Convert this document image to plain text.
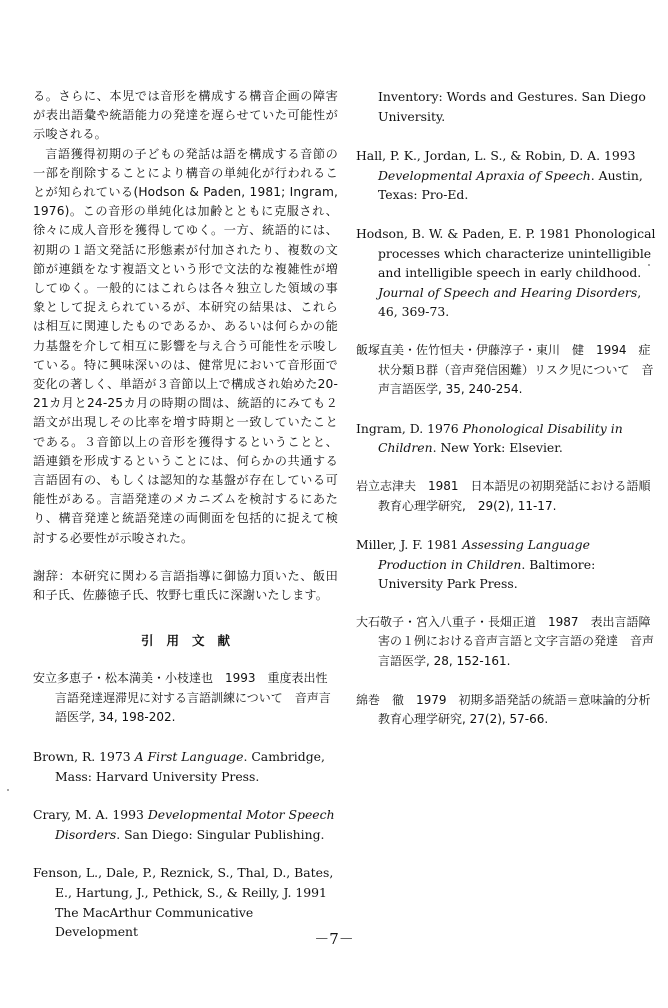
る。さらに、本児では音形を構成する構音企画の障害が表出語彙や統語能力の発達を遅らせていた可能性が示唆される。

言語獲得初期の子どもの発話は語を構成する音節の一部を削除することにより構音の単純化が行われることが知られている(Hodson & Paden, 1981; Ingram, 1976)。この音形の単純化は加齢とともに克服され、徐々に成人音形を獲得してゆく。一方、統語的には、初期の１語文発話に形態素が付加されたり、複数の文節が連鎖をなす複語文という形で文法的な複雑性が増してゆく。一般的にはこれらは各々独立した領域の事象として捉えられているが、本研究の結果は、これらは相互に関連したものであるか、あるいは何らかの能力基盤を介して相互に影響を与え合う可能性を示唆している。特に興味深いのは、健常児において音形面で変化の著しく、単語が３音節以上で構成され始めた20-21カ月と24-25カ月の時期の間は、統語的にみても２語文が出現しその比率を増す時期と一致していたことである。３音節以上の音形を獲得するということと、語連鎖を形成するということには、何らかの共通する言語固有の、もしくは認知的な基盤が存在している可能性がある。言語発達のメカニズムを検討するにあたり、構音発達と統語発達の両側面を包括的に捉えて検討する必要性が示唆された。

謝辞：本研究に関わる言語指導に御協力頂いた、飯田和子氏、佐藤徳子氏、牧野七重氏に深謝いたします。

引用文献

安立多恵子・松本満美・小枝達也　1993　重度表出性言語発達遅滞児に対する言語訓練について　音声言語医学, 34, 198-202.

Brown, R. 1973 A First Language. Cambridge, Mass: Harvard University Press.

Crary, M. A. 1993 Developmental Motor Speech Disorders. San Diego: Singular Publishing.

Fenson, L., Dale, P., Reznick, S., Thal, D., Bates, E., Hartung, J., Pethick, S., & Reilly, J. 1991 The MacArthur Communicative Development

Inventory: Words and Gestures. San Diego University.

Hall, P. K., Jordan, L. S., & Robin, D. A. 1993 Developmental Apraxia of Speech. Austin, Texas: Pro-Ed.

Hodson, B. W. & Paden, E. P. 1981 Phonological processes which characterize unintelligible and intelligible speech in early childhood. Journal of Speech and Hearing Disorders, 46, 369-73.

飯塚直美・佐竹恒夫・伊藤淳子・東川　健　1994　症状分類Ｂ群（音声発信困難）リスク児について　音声言語医学, 35, 240-254.

Ingram, D. 1976 Phonological Disability in Children. New York: Elsevier.

岩立志津夫　1981　日本語児の初期発話における語順　教育心理学研究,　29(2), 11-17.

Miller, J. F. 1981 Assessing Language Production in Children. Baltimore: University Park Press.

大石敬子・宮入八重子・長畑正道　1987　表出言語障害の１例における音声言語と文字言語の発達　音声言語医学, 28, 152-161.

綿巻　徹　1979　初期多語発話の統語＝意味論的分析　教育心理学研究, 27(2), 57-66.

－7－
